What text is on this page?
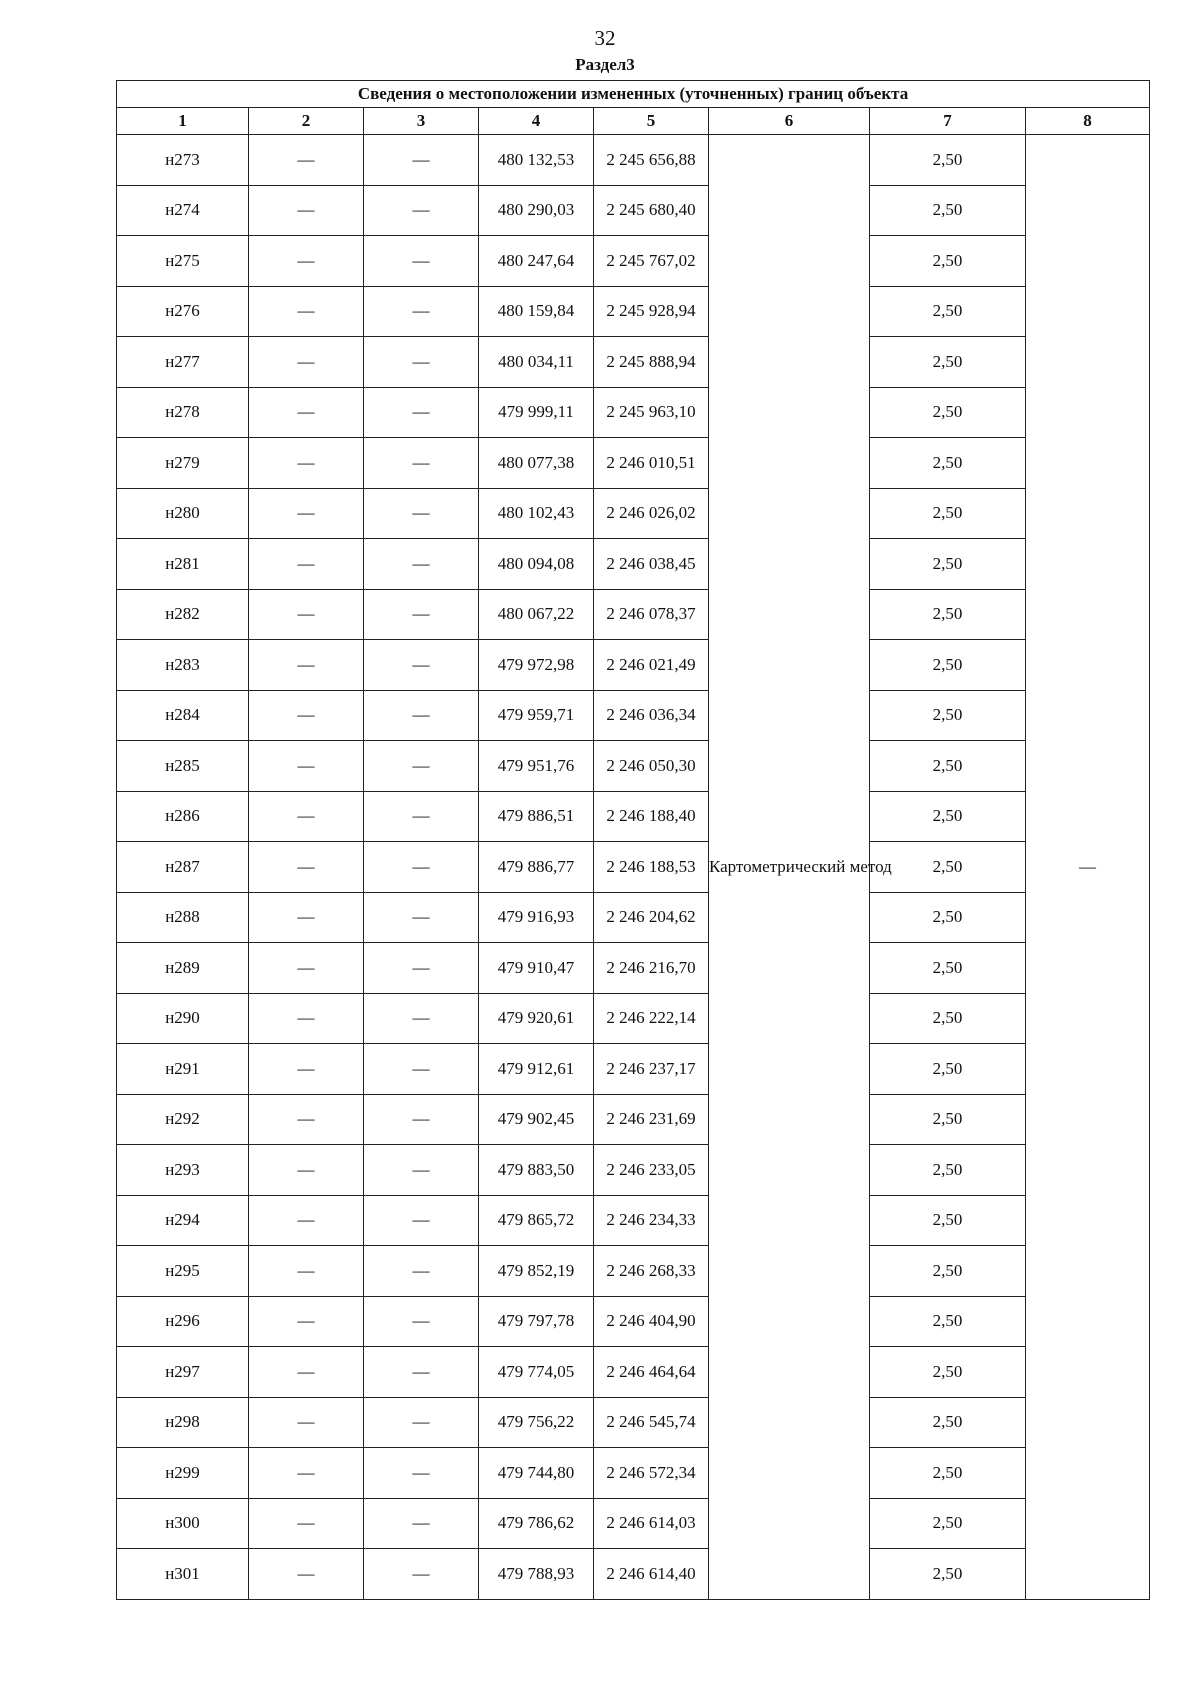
32
Раздел3
Сведения о местоположении измененных (уточненных) границ объекта							
1	2	3	4	5	6	7	8
н273	—	—	480 132,53	2 245 656,88	Картометрический метод	2,50	—
н274	—	—	480 290,03	2 245 680,40		2,50	
н275	—	—	480 247,64	2 245 767,02		2,50	
н276	—	—	480 159,84	2 245 928,94		2,50	
н277	—	—	480 034,11	2 245 888,94		2,50	
н278	—	—	479 999,11	2 245 963,10		2,50	
н279	—	—	480 077,38	2 246 010,51		2,50	
н280	—	—	480 102,43	2 246 026,02		2,50	
н281	—	—	480 094,08	2 246 038,45		2,50	
н282	—	—	480 067,22	2 246 078,37		2,50	
н283	—	—	479 972,98	2 246 021,49		2,50	
н284	—	—	479 959,71	2 246 036,34		2,50	
н285	—	—	479 951,76	2 246 050,30		2,50	
н286	—	—	479 886,51	2 246 188,40		2,50	
н287	—	—	479 886,77	2 246 188,53		2,50	
н288	—	—	479 916,93	2 246 204,62		2,50	
н289	—	—	479 910,47	2 246 216,70		2,50	
н290	—	—	479 920,61	2 246 222,14		2,50	
н291	—	—	479 912,61	2 246 237,17		2,50	
н292	—	—	479 902,45	2 246 231,69		2,50	
н293	—	—	479 883,50	2 246 233,05		2,50	
н294	—	—	479 865,72	2 246 234,33		2,50	
н295	—	—	479 852,19	2 246 268,33		2,50	
н296	—	—	479 797,78	2 246 404,90		2,50	
н297	—	—	479 774,05	2 246 464,64		2,50	
н298	—	—	479 756,22	2 246 545,74		2,50	
н299	—	—	479 744,80	2 246 572,34		2,50	
н300	—	—	479 786,62	2 246 614,03		2,50	
н301	—	—	479 788,93	2 246 614,40		2,50	
